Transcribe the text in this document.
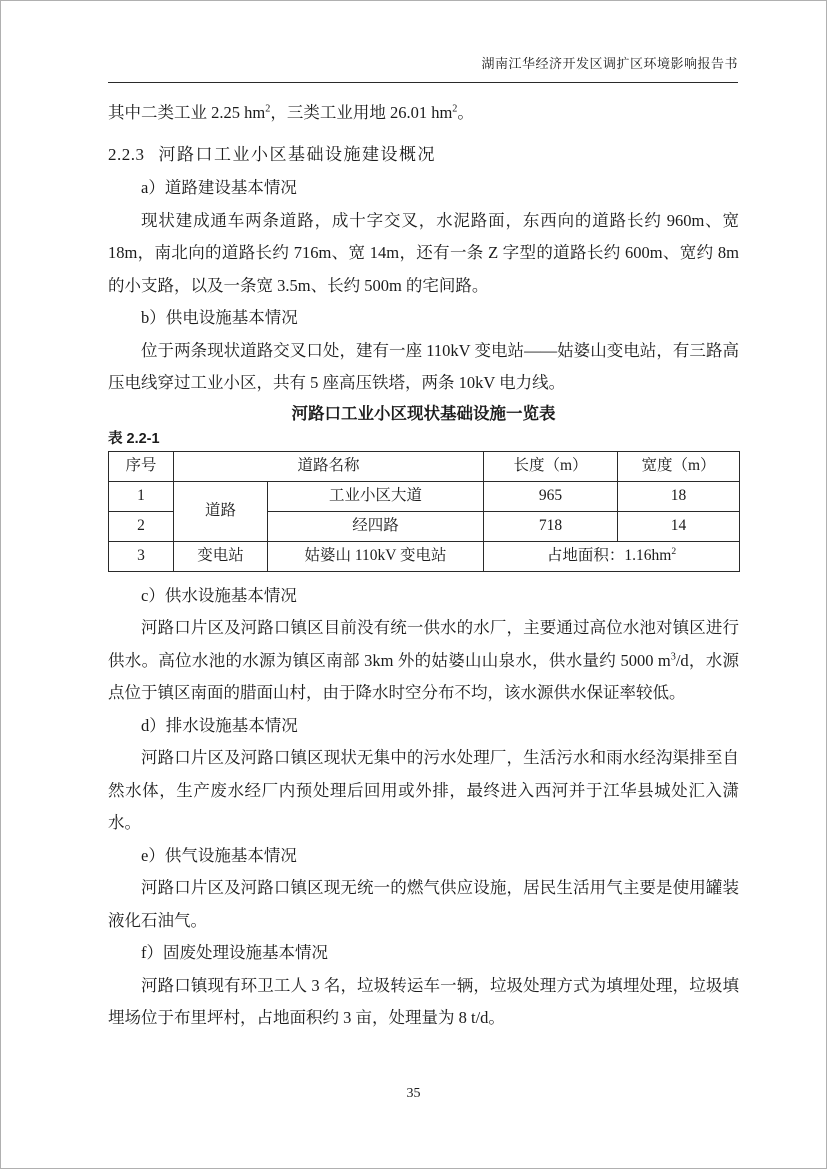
湖南江华经济开发区调扩区环境影响报告书

其中二类工业 2.25 $hm^2$，三类工业用地 26.01 $hm^2$。

2.2.3 河路口工业小区基础设施建设概况

a）道路建设基本情况

现状建成通车两条道路，成十字交叉，水泥路面，东西向的道路长约 960m、宽 18m，南北向的道路长约 716m、宽 14m，还有一条 Z 字型的道路长约 600m、宽约 8m 的小支路，以及一条宽 3.5m、长约 500m 的宅间路。

b）供电设施基本情况

位于两条现状道路交叉口处，建有一座 110kV 变电站——姑婆山变电站，有三路高压电线穿过工业小区，共有 5 座高压铁塔，两条 10kV 电力线。

河路口工业小区现状基础设施一览表
表 2.2-1
序号	道路名称		长度（m）	宽度（m）
1	道路	工业小区大道	965	18
2		经四路	718	14
3	变电站	姑婆山 110kV 变电站	占地面积：$1.16hm^2$

c）供水设施基本情况

河路口片区及河路口镇区目前没有统一供水的水厂，主要通过高位水池对镇区进行供水。高位水池的水源为镇区南部 3km 外的姑婆山山泉水，供水量约 5000 $m^3/d$，水源点位于镇区南面的腊面山村，由于降水时空分布不均，该水源供水保证率较低。

d）排水设施基本情况

河路口片区及河路口镇区现状无集中的污水处理厂，生活污水和雨水经沟渠排至自然水体，生产废水经厂内预处理后回用或外排，最终进入西河并于江华县城处汇入潇水。

e）供气设施基本情况

河路口片区及河路口镇区现无统一的燃气供应设施，居民生活用气主要是使用罐装液化石油气。

f）固废处理设施基本情况

河路口镇现有环卫工人 3 名，垃圾转运车一辆，垃圾处理方式为填埋处理，垃圾填埋场位于布里坪村，占地面积约 3 亩，处理量为 8 t/d。

35
